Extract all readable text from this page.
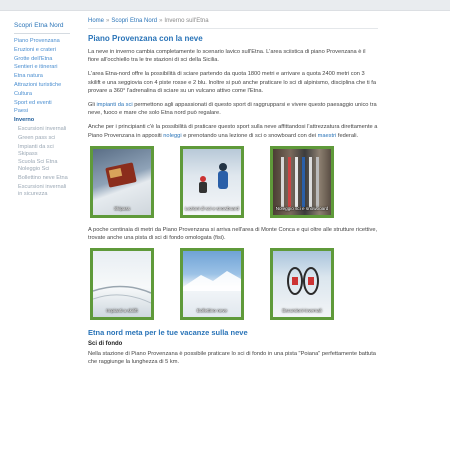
Scopri Etna Nord
Piano Provenzana
Eruzioni e crateri
Grotte dell'Etna
Sentieri e itinerari
Etna natura
Attrazioni turistiche
Cultura
Sport ed eventi
Paesi
Inverno
Escursioni invernali
Green pass sci
Impianti da sci Skipass
Scuola Sci Etna Noleggio Sci
Bollettino neve Etna
Escursioni invernali in sicurezza
Home » Scopri Etna Nord » Inverno sull'Etna
Piano Provenzana con la neve

La neve in inverno cambia completamente lo scenario lavico sull'Etna. L'area sciistica di piano Provenzana è il fiore all'occhiello tra le tre stazioni di sci della Sicilia.

L'area Etna-nord offre la possibilità di sciare partendo da quota 1800 metri e arrivare a quota 2400 metri con 3 skilift e una seggiovia con 4 piste rosse e 2 blu. Inoltre si può anche praticare lo sci di alpinismo, disciplina che ti fa provare a 360° l'adrenalina di sciare su un vulcano attivo come l'Etna.

Gli impianti da sci permettono agli appassionati di questo sport di raggrupparsi e vivere questo paesaggio unico tra neve, fuoco e mare che solo Etna nord può regalare.

Anche per i principianti c'è la possibilità di praticare questo sport sulla neve affittandosi l'attrezzatura direttamente a Piano Provenzana in appositi noleggi e prenotando una lezione di sci o snowboard con dei maestri federali.

Skipass	Lezioni di sci e snowboard	Noleggio sci e snowboard

A poche centinaia di metri da Piano Provenzana si arriva nell'area di Monte Conca e qui oltre alle strutture ricettive, trovate anche una pista di sci di fondo omologata (fisi).

Impianti a skilift	Bollettino neve	Escursioni invernali
Etna nord meta per le tue vacanze sulla neve
Sci di fondo

Nella stazione di Piano Provenzana è possibile praticare lo sci di fondo in una pista "Poiana" perfettamente battuta che raggiunge la lunghezza di 5 km.
